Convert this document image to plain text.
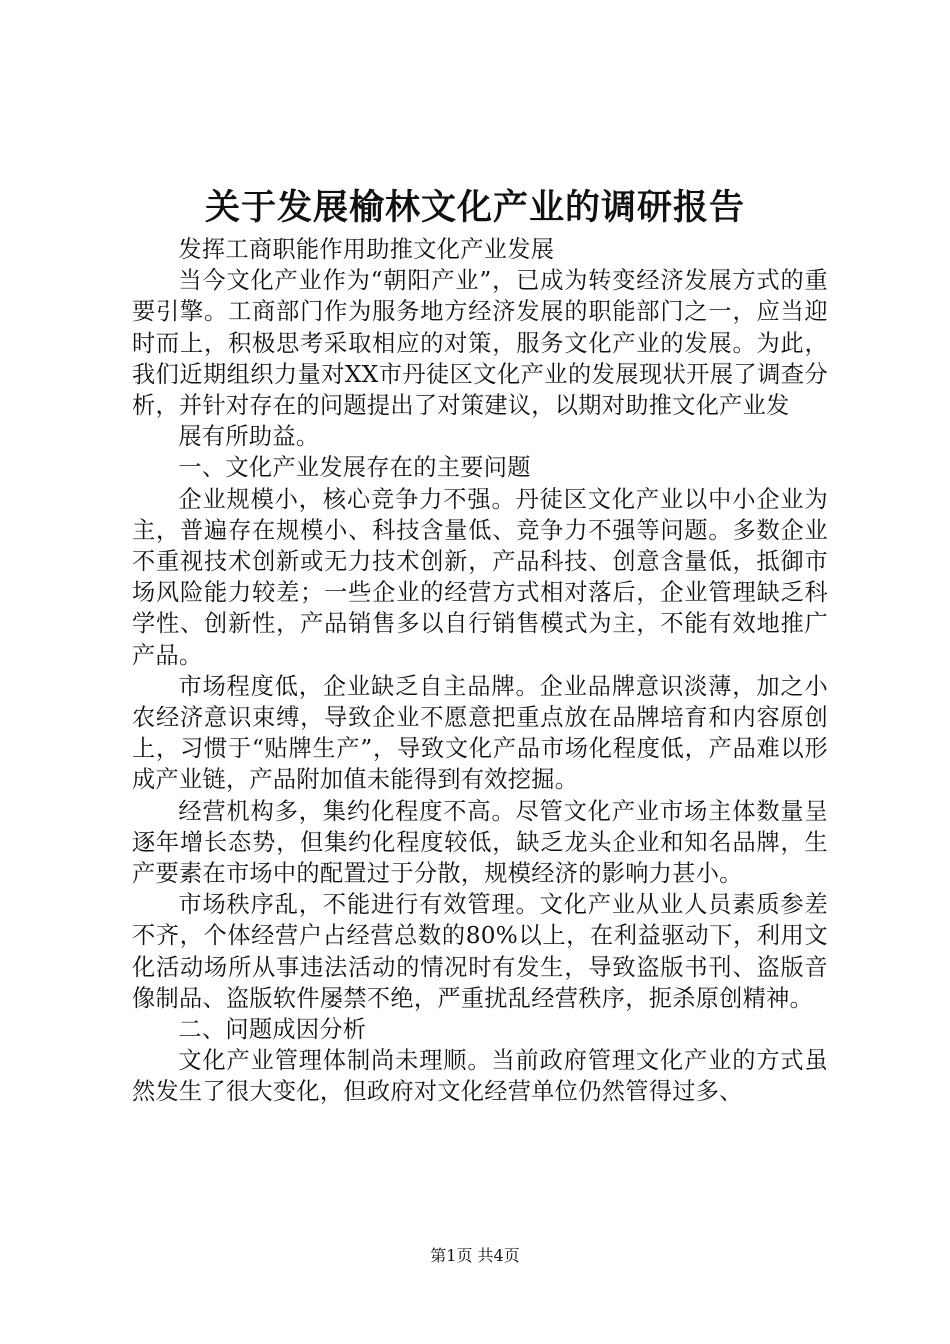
关于发展榆林文化产业的调研报告

发挥工商职能作用助推文化产业发展

当今文化产业作为“朝阳产业”，已成为转变经济发展方式的重要引擎。工商部门作为服务地方经济发展的职能部门之一，应当迎时而上，积极思考采取相应的对策，服务文化产业的发展。为此，我们近期组织力量对XX市丹徒区文化产业的发展现状开展了调查分析，并针对存在的问题提出了对策建议，以期对助推文化产业发

展有所助益。

一、文化产业发展存在的主要问题

企业规模小，核心竞争力不强。丹徒区文化产业以中小企业为主，普遍存在规模小、科技含量低、竞争力不强等问题。多数企业不重视技术创新或无力技术创新，产品科技、创意含量低，抵御市场风险能力较差；一些企业的经营方式相对落后，企业管理缺乏科学性、创新性，产品销售多以自行销售模式为主，不能有效地推广产品。

市场程度低，企业缺乏自主品牌。企业品牌意识淡薄，加之小农经济意识束缚，导致企业不愿意把重点放在品牌培育和内容原创上，习惯于“贴牌生产”，导致文化产品市场化程度低，产品难以形成产业链，产品附加值未能得到有效挖掘。

经营机构多，集约化程度不高。尽管文化产业市场主体数量呈逐年增长态势，但集约化程度较低，缺乏龙头企业和知名品牌，生产要素在市场中的配置过于分散，规模经济的影响力甚小。

市场秩序乱，不能进行有效管理。文化产业从业人员素质参差不齐，个体经营户占经营总数的80%以上，在利益驱动下，利用文化活动场所从事违法活动的情况时有发生，导致盗版书刊、盗版音像制品、盗版软件屡禁不绝，严重扰乱经营秩序，扼杀原创精神。

二、问题成因分析

文化产业管理体制尚未理顺。当前政府管理文化产业的方式虽然发生了很大变化，但政府对文化经营单位仍然管得过多、

第1页 共4页
